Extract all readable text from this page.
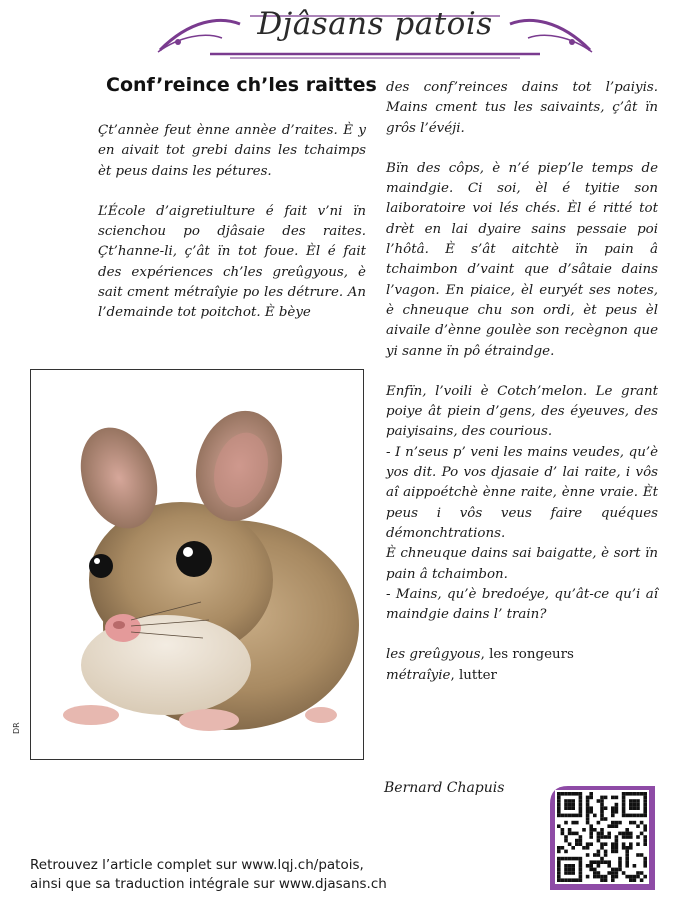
Djâsans patois
Conf’reince ch’les raittes

Çt’annèe feut ènne annèe d’raites. È y en aivait tot grebi dains les tchaimps èt peus dains les pétures.

L’École d’aigretiulture é fait v’ni ïn scienchou po djâsaie des raites. Çt’hanne-li, ç’ât ïn tot foue. Èl é fait des expériences ch’les greûgyous, è sait cment métraîyie po les détrure. An l’demainde tot poitchot. È bèye

des conf’reinces dains tot l’paiyis. Mains cment tus les saivaints, ç’ât ïn grôs l’évéji.

Bïn des côps, è n’é piep’le temps de maindgie. Ci soi, èl é tyitie son laiboratoire voi lés chés. Èl é ritté tot drèt en lai dyaire sains pessaie poi l’hôtâ. È s’ât aitchtè ïn pain â tchaimbon d’vaint que d’sâtaie dains l’vagon. En piaice, èl euryét ses notes, è chneuque chu son ordi, èt peus èl aivaile d’ènne goulèe son recègnon que yi sanne ïn pô étraindge.

Enfïn, l’voili è Cotch’melon. Le grant poiye ât piein d’gens, des éyeuves, des paiyisains, des courious.

- I n’seus p’ veni les mains veudes, qu’è yos dit. Po vos djasaie d’ lai raite, i vôs aî aippoétchè ènne raite, ènne vraie. Èt peus i vôs veus faire quéques démonchtrations.

È chneuque dains sai baigatte, è sort ïn pain â tchaimbon.

- Mains, qu’è bredoéye, qu’ât-ce qu’i aî maindgie dains l’ train?

les greûgyous, les rongeurs

métraîyie, lutter

DR
Bernard Chapuis
Retrouvez l’article complet sur www.lqj.ch/patois,
ainsi que sa traduction intégrale sur www.djasans.ch
